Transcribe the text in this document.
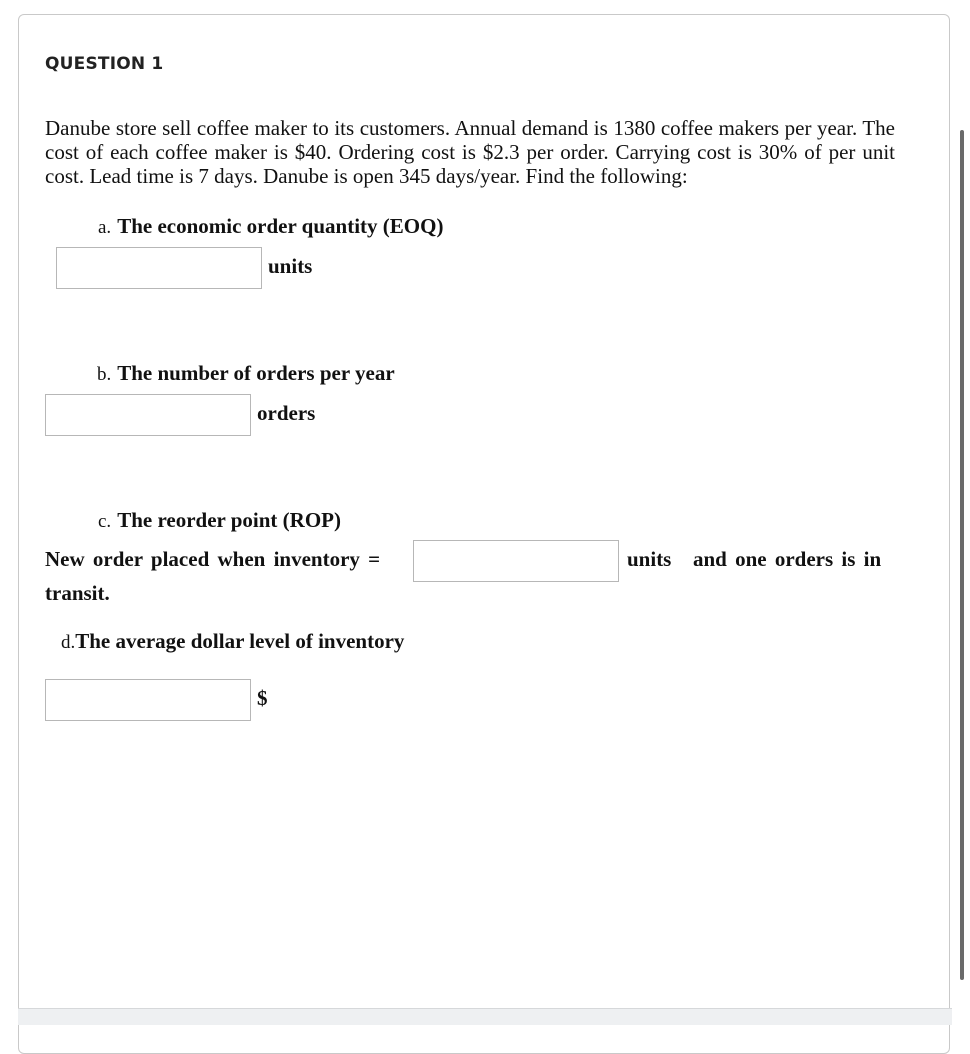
QUESTION 1
Danube store sell coffee maker to its customers. Annual demand is 1380 coffee makers per year. The cost of each coffee maker is $40. Ordering cost is $2.3 per order. Carrying cost is 30% of per unit cost. Lead time is 7 days. Danube is open 345 days/year. Find the following:
a. The economic order quantity (EOQ)
units
b. The number of orders per year
orders
c. The reorder point (ROP)
New order placed when inventory =	units and one orders is in
transit.
d.The average dollar level of inventory
$
